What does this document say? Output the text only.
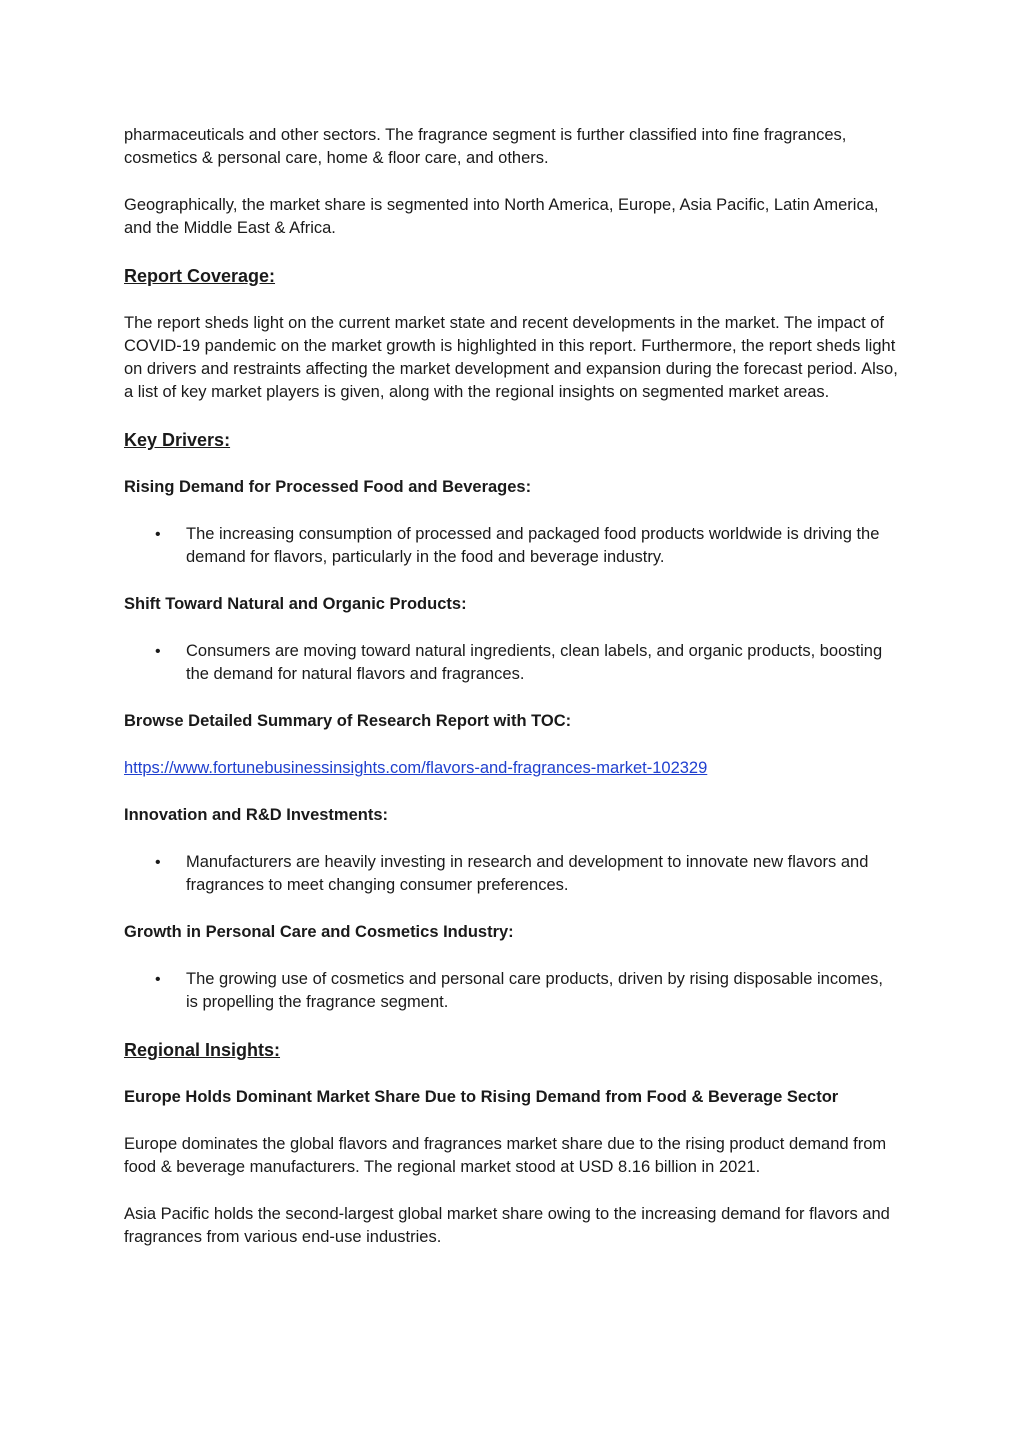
pharmaceuticals and other sectors. The fragrance segment is further classified into fine fragrances, cosmetics & personal care, home & floor care, and others.

Geographically, the market share is segmented into North America, Europe, Asia Pacific, Latin America, and the Middle East & Africa.

Report Coverage:

The report sheds light on the current market state and recent developments in the market. The impact of COVID-19 pandemic on the market growth is highlighted in this report. Furthermore, the report sheds light on drivers and restraints affecting the market development and expansion during the forecast period. Also, a list of key market players is given, along with the regional insights on segmented market areas.

Key Drivers:

Rising Demand for Processed Food and Beverages:

• The increasing consumption of processed and packaged food products worldwide is driving the demand for flavors, particularly in the food and beverage industry.

Shift Toward Natural and Organic Products:

• Consumers are moving toward natural ingredients, clean labels, and organic products, boosting the demand for natural flavors and fragrances.

Browse Detailed Summary of Research Report with TOC:

https://www.fortunebusinessinsights.com/flavors-and-fragrances-market-102329

Innovation and R&D Investments:

• Manufacturers are heavily investing in research and development to innovate new flavors and fragrances to meet changing consumer preferences.

Growth in Personal Care and Cosmetics Industry:

• The growing use of cosmetics and personal care products, driven by rising disposable incomes, is propelling the fragrance segment.
Regional Insights:

Europe Holds Dominant Market Share Due to Rising Demand from Food & Beverage Sector

Europe dominates the global flavors and fragrances market share due to the rising product demand from food & beverage manufacturers. The regional market stood at USD 8.16 billion in 2021.

Asia Pacific holds the second-largest global market share owing to the increasing demand for flavors and fragrances from various end-use industries.
